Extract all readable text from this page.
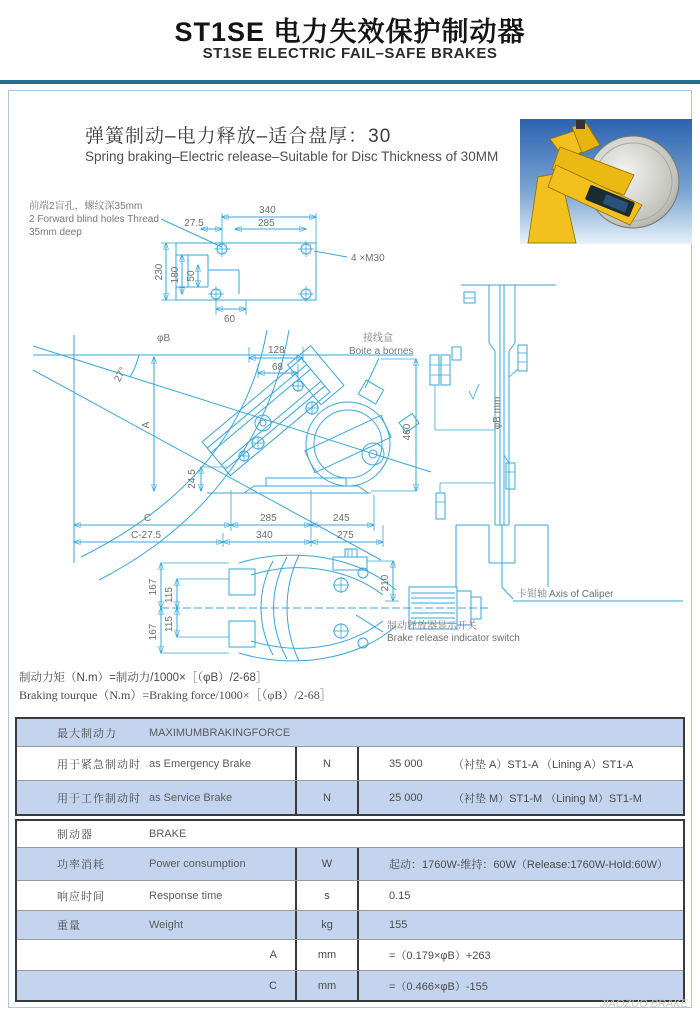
ST1SE 电力失效保护制动器
ST1SE ELECTRIC FAIL–SAFE BRAKES
弹簧制动–电力释放–适合盘厚：30
Spring braking–Electric release–Suitable for Disc Thickness of 30MM
前端2盲孔，螺纹深35mm
2 Forward blind holes Thread
35mm deep
340
285
27.5
4 ×M30
230 180 50
60
27°
φB	接线盒
Boite a bornes
128
68
A
24.5
460
C	285	245
C-27.5	340	275
φB mm
卡钳轴 Axis of Caliper
167 115
167 115
210
制动释放器显示开关
Brake release indicator switch
制动力矩（N.m）=制动力/1000×［（φB）/2-68］
Braking tourque（N.m）=Braking force/1000×［（φB）/2-68］
最大制动力	MAXIMUMBRAKINGFORCE
用于紧急制动时 as Emergency Brake	N	35 000	（衬垫 A）ST1-A （Lining A）ST1-A
用于工作制动时 as Service Brake	N	25 000	（衬垫 M）ST1-M （Lining M）ST1-M
制动器	BRAKE
功率消耗	Power consumption	W	起动：1760W-维持：60W（Release:1760W-Hold:60W）
响应时间	Response time	s	0.15
重量	Weight	kg	155
A	mm	=（0.179×φB）+263
C	mm	=（0.466×φB）-155
JIAOZUO BRAKE
